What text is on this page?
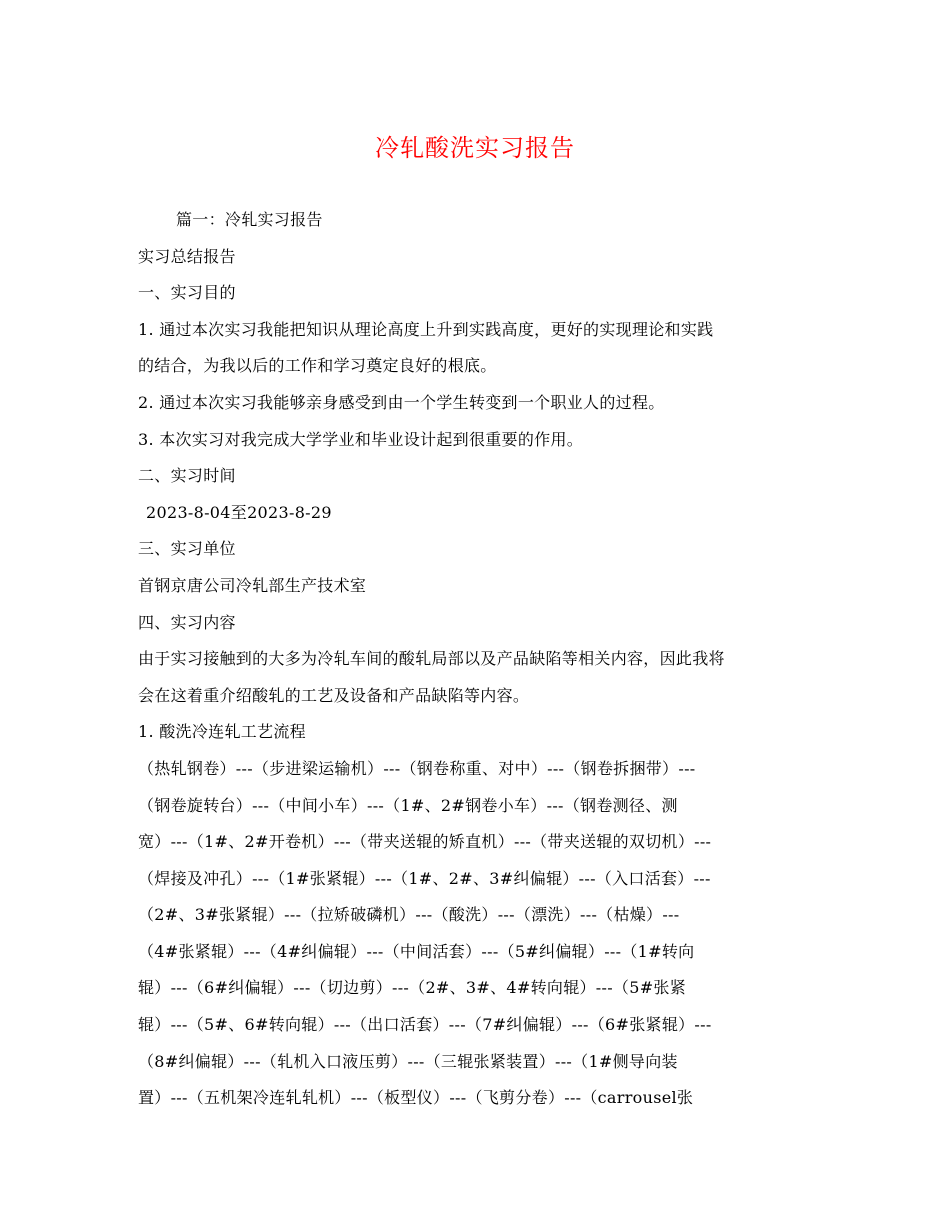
冷轧酸洗实习报告
篇一：冷轧实习报告
实习总结报告
一、实习目的
1. 通过本次实习我能把知识从理论高度上升到实践高度，更好的实现理论和实践
的结合，为我以后的工作和学习奠定良好的根底。
2. 通过本次实习我能够亲身感受到由一个学生转变到一个职业人的过程。
3. 本次实习对我完成大学学业和毕业设计起到很重要的作用。
二、实习时间
2023-8-04至2023-8-29
三、实习单位
首钢京唐公司冷轧部生产技术室
四、实习内容
由于实习接触到的大多为冷轧车间的酸轧局部以及产品缺陷等相关内容，因此我将
会在这着重介绍酸轧的工艺及设备和产品缺陷等内容。
1. 酸洗冷连轧工艺流程
（热轧钢卷）---（步进梁运输机）---（钢卷称重、对中）---（钢卷拆捆带）---
（钢卷旋转台）---（中间小车）---（1#、2#钢卷小车）---（钢卷测径、测
宽）---（1#、2#开卷机）---（带夹送辊的矫直机）---（带夹送辊的双切机）---
（焊接及冲孔）---（1#张紧辊）---（1#、2#、3#纠偏辊）---（入口活套）---
（2#、3#张紧辊）---（拉矫破磷机）---（酸洗）---（漂洗）---（枯燥）---
（4#张紧辊）---（4#纠偏辊）---（中间活套）---（5#纠偏辊）---（1#转向
辊）---（6#纠偏辊）---（切边剪）---（2#、3#、4#转向辊）---（5#张紧
辊）---（5#、6#转向辊）---（出口活套）---（7#纠偏辊）---（6#张紧辊）---
（8#纠偏辊）---（轧机入口液压剪）---（三辊张紧装置）---（1#侧导向装
置）---（五机架冷连轧轧机）---（板型仪）---（飞剪分卷）---（carrousel张
